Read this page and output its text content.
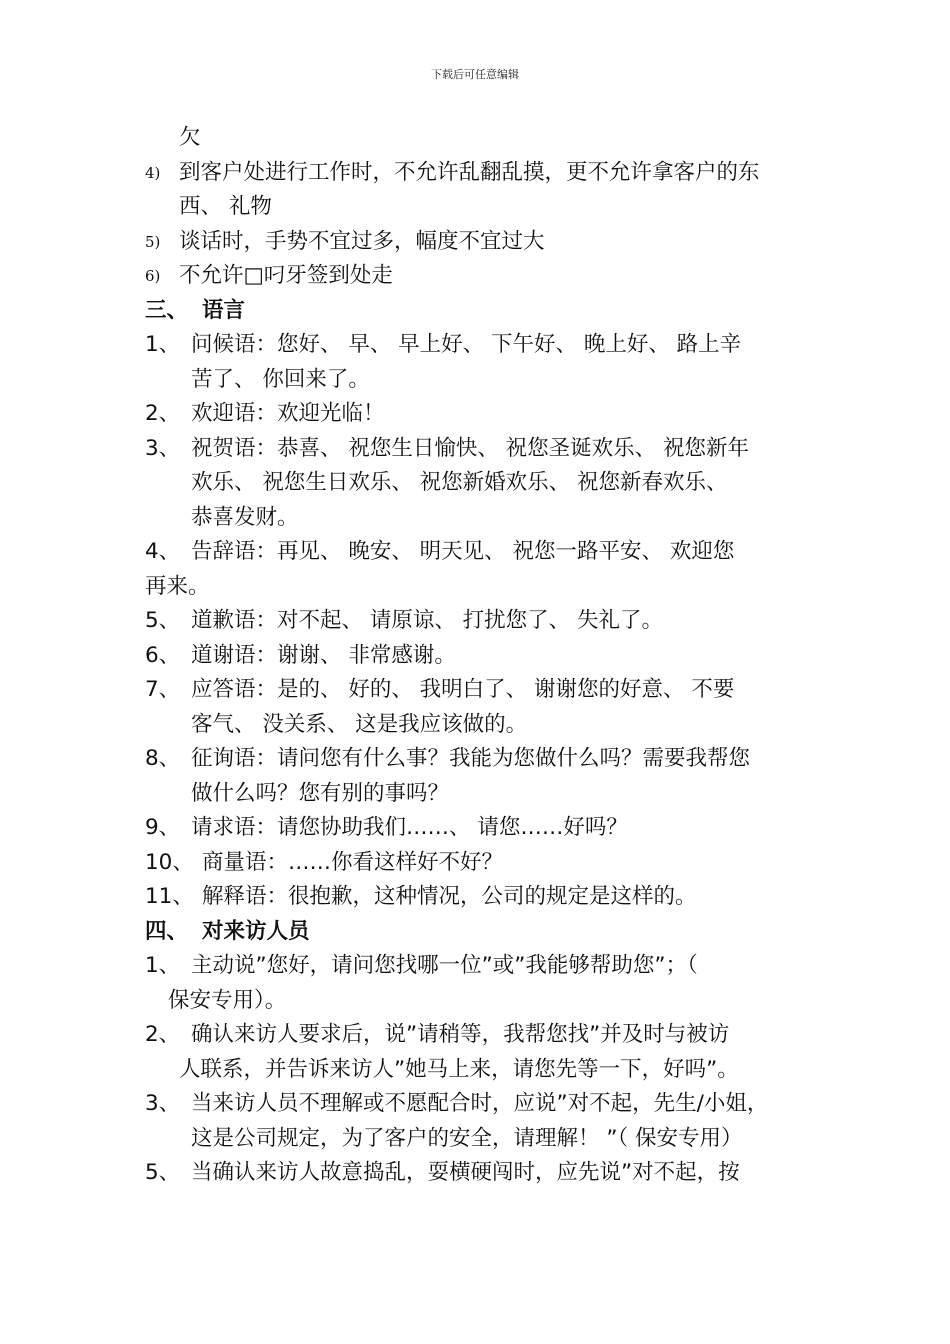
下载后可任意编辑
欠
4) 到客户处进行工作时，不允许乱翻乱摸，更不允许拿客户的东
西、 礼物
5) 谈话时，手势不宜过多，幅度不宜过大
6) 不允许□叼牙签到处走
三、 语言
1、 问候语：您好、 早、 早上好、 下午好、 晚上好、 路上辛
苦了、 你回来了。
2、 欢迎语：欢迎光临！
3、 祝贺语：恭喜、 祝您生日愉快、 祝您圣诞欢乐、 祝您新年
欢乐、 祝您生日欢乐、 祝您新婚欢乐、 祝您新春欢乐、
恭喜发财。
4、 告辞语：再见、 晚安、 明天见、 祝您一路平安、 欢迎您
再来。
5、 道歉语：对不起、 请原谅、 打扰您了、 失礼了。
6、 道谢语：谢谢、 非常感谢。
7、 应答语：是的、 好的、 我明白了、 谢谢您的好意、 不要
客气、 没关系、 这是我应该做的。
8、 征询语：请问您有什么事？我能为您做什么吗？需要我帮您
做什么吗？您有别的事吗？
9、 请求语：请您协助我们……、 请您……好吗？
10、 商量语：……你看这样好不好？
11、 解释语：很抱歉，这种情况，公司的规定是这样的。
四、 对来访人员
1、 主动说”您好，请问您找哪一位”或”我能够帮助您”；（
保安专用）。
2、 确认来访人要求后，说”请稍等，我帮您找”并及时与被访
人联系，并告诉来访人”她马上来，请您先等一下，好吗”。
3、 当来访人员不理解或不愿配合时，应说”对不起，先生/小姐，
这是公司规定，为了客户的安全，请理解！ ”（ 保安专用）
5、 当确认来访人故意捣乱，耍横硬闯时，应先说”对不起，按
